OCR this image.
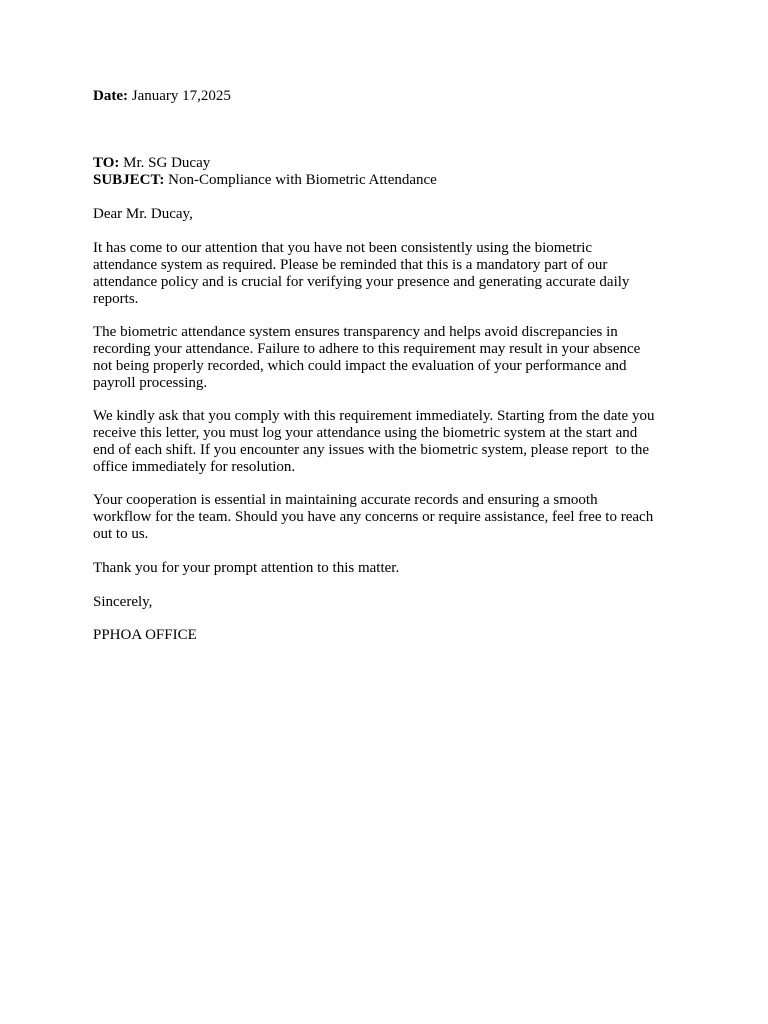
Date: January 17,2025
TO: Mr. SG Ducay
SUBJECT: Non-Compliance with Biometric Attendance
Dear Mr. Ducay,
It has come to our attention that you have not been consistently using the biometric
attendance system as required. Please be reminded that this is a mandatory part of our
attendance policy and is crucial for verifying your presence and generating accurate daily
reports.
The biometric attendance system ensures transparency and helps avoid discrepancies in
recording your attendance. Failure to adhere to this requirement may result in your absence
not being properly recorded, which could impact the evaluation of your performance and
payroll processing.
We kindly ask that you comply with this requirement immediately. Starting from the date you
receive this letter, you must log your attendance using the biometric system at the start and
end of each shift. If you encounter any issues with the biometric system, please report  to the
office immediately for resolution.
Your cooperation is essential in maintaining accurate records and ensuring a smooth
workflow for the team. Should you have any concerns or require assistance, feel free to reach
out to us.
Thank you for your prompt attention to this matter.
Sincerely,
PPHOA OFFICE
